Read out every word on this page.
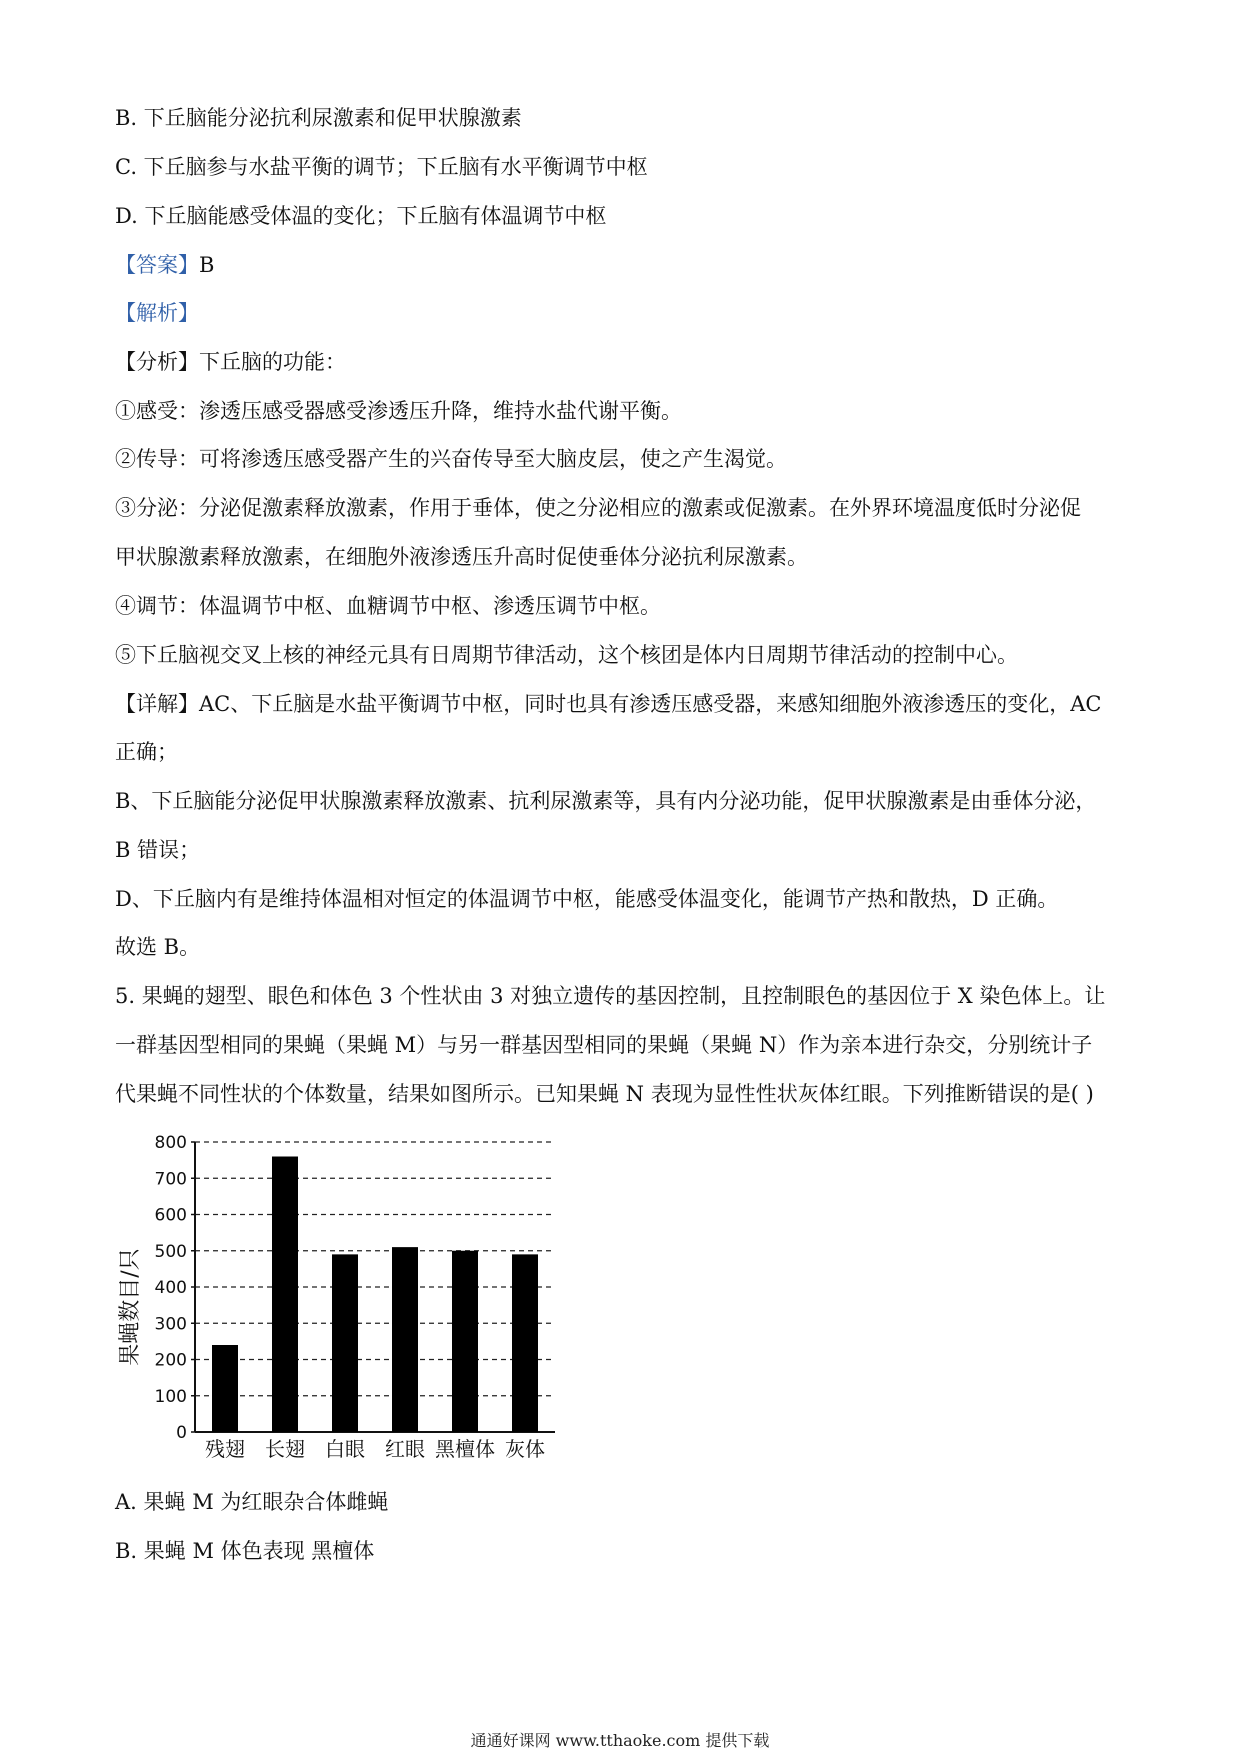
B. 下丘脑能分泌抗利尿激素和促甲状腺激素
C. 下丘脑参与水盐平衡的调节；下丘脑有水平衡调节中枢
D. 下丘脑能感受体温的变化；下丘脑有体温调节中枢
【答案】B
【解析】
【分析】下丘脑的功能：
①感受：渗透压感受器感受渗透压升降，维持水盐代谢平衡。
②传导：可将渗透压感受器产生的兴奋传导至大脑皮层，使之产生渴觉。
③分泌：分泌促激素释放激素，作用于垂体，使之分泌相应的激素或促激素。在外界环境温度低时分泌促
甲状腺激素释放激素，在细胞外液渗透压升高时促使垂体分泌抗利尿激素。
④调节：体温调节中枢、血糖调节中枢、渗透压调节中枢。
⑤下丘脑视交叉上核的神经元具有日周期节律活动，这个核团是体内日周期节律活动的控制中心。
【详解】AC、下丘脑是水盐平衡调节中枢，同时也具有渗透压感受器，来感知细胞外液渗透压的变化，AC
正确；
B、下丘脑能分泌促甲状腺激素释放激素、抗利尿激素等，具有内分泌功能，促甲状腺激素是由垂体分泌，
B 错误；
D、下丘脑内有是维持体温相对恒定的体温调节中枢，能感受体温变化，能调节产热和散热，D 正确。
故选 B。
5. 果蝇的翅型、眼色和体色 3 个性状由 3 对独立遗传的基因控制，且控制眼色的基因位于 X 染色体上。让
一群基因型相同的果蝇（果蝇 M）与另一群基因型相同的果蝇（果蝇 N）作为亲本进行杂交，分别统计子
代果蝇不同性状的个体数量，结果如图所示。已知果蝇 N 表现为显性性状灰体红眼。下列推断错误的是( )
0
100
200
300
400
500
600
700
800
残翅 长翅 白眼 红眼 黑檀体 灰体
果蝇数目/只
A. 果蝇 M 为红眼杂合体雌蝇
B. 果蝇 M 体色表现 黑檀体
通通好课网 www.tthaoke.com 提供下载
